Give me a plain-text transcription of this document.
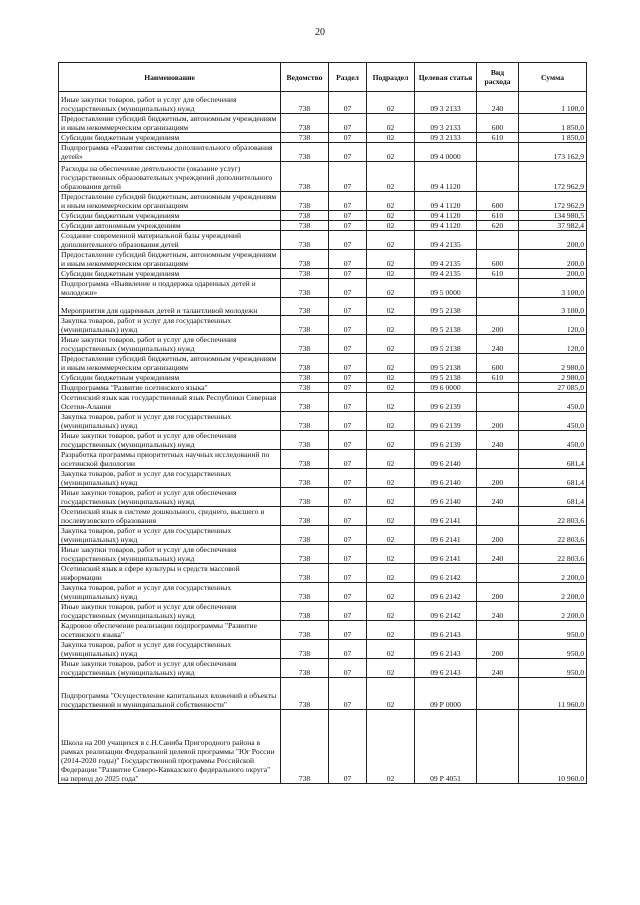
20
Наименование	Ведомство	Раздел	Подраздел	Целевая статья	Вид расхода	Сумма
Иные закупки товаров, работ и услуг для обеспечения государственных (муниципальных) нужд	738	07	02	09 3 2133	240	1 100,0
Предоставление субсидий бюджетным, автономным учреждениям и иным некоммерческим организациям	738	07	02	09 3 2133	600	1 850,0
Субсидии бюджетным учреждениям	738	07	02	09 3 2133	610	1 850,0
Подпрограмма «Развитие системы дополнительного образования детей»	738	07	02	09 4 0000		173 162,9
Расходы на обеспечение деятельности (оказание услуг) государственных образовательных учреждений дополнительного образования детей	738	07	02	09 4 1120		172 962,9
Предоставление субсидий бюджетным, автономным учреждениям и иным некоммерческим организациям	738	07	02	09 4 1120	600	172 962,9
Субсидии бюджетным учреждениям	738	07	02	09 4 1120	610	134 980,5
Субсидии автономным учреждениям	738	07	02	09 4 1120	620	37 982,4
Создание современной материальной базы учреждений дополнительного образования детей	738	07	02	09 4 2135		200,0
Предоставление субсидий бюджетным, автономным учреждениям и иным некоммерческим организациям	738	07	02	09 4 2135	600	200,0
Субсидии бюджетным учреждениям	738	07	02	09 4 2135	610	200,0
Подпрограмма «Выявление и поддержка одаренных детей и молодежи»	738	07	02	09 5 0000		3 100,0
Мероприятия для одаренных детей и талантливой молодежи	738	07	02	09 5 2138		3 100,0
Закупка товаров, работ и услуг для государственных (муниципальных) нужд	738	07	02	09 5 2138	200	120,0
Иные закупки товаров, работ и услуг для обеспечения государственных (муниципальных) нужд	738	07	02	09 5 2138	240	120,0
Предоставление субсидий бюджетным, автономным учреждениям и иным некоммерческим организациям	738	07	02	09 5 2138	600	2 980,0
Субсидии бюджетным учреждениям	738	07	02	09 5 2138	610	2 980,0
Подпрограмма "Развитие осетинского языка"	738	07	02	09 6 0000		27 085,0
Осетинский язык как государственный язык Республики Северная Осетия-Алания	738	07	02	09 6 2139		450,0
Закупка товаров, работ и услуг для государственных (муниципальных) нужд	738	07	02	09 6 2139	200	450,0
Иные закупки товаров, работ и услуг для обеспечения государственных (муниципальных) нужд	738	07	02	09 6 2139	240	450,0
Разработка программы приоритетных научных исследований по осетинской филологии	738	07	02	09 6 2140		681,4
Закупка товаров, работ и услуг для государственных (муниципальных) нужд	738	07	02	09 6 2140	200	681,4
Иные закупки товаров, работ и услуг для обеспечения государственных (муниципальных) нужд	738	07	02	09 6 2140	240	681,4
Осетинский язык в системе дошкольного, среднего, высшего и послевузовского образования	738	07	02	09 6 2141		22 803,6
Закупка товаров, работ и услуг для государственных (муниципальных) нужд	738	07	02	09 6 2141	200	22 803,6
Иные закупки товаров, работ и услуг для обеспечения государственных (муниципальных) нужд	738	07	02	09 6 2141	240	22 803,6
Осетинский язык в сфере культуры и средств массовой информации	738	07	02	09 6 2142		2 200,0
Закупка товаров, работ и услуг для государственных (муниципальных) нужд	738	07	02	09 6 2142	200	2 200,0
Иные закупки товаров, работ и услуг для обеспечения государственных (муниципальных) нужд	738	07	02	09 6 2142	240	2 200,0
Кадровое обеспечение реализации подпрограммы "Развитие осетинского языка"	738	07	02	09 6 2143		950,0
Закупка товаров, работ и услуг для государственных (муниципальных) нужд	738	07	02	09 6 2143	200	950,0
Иные закупки товаров, работ и услуг для обеспечения государственных (муниципальных) нужд	738	07	02	09 6 2143	240	950,0
Подпрограмма "Осуществление капитальных вложений в объекты государственной и муниципальной собственности"	738	07	02	09 Р 0000		11 960,0
Школа на 200 учащихся в с.Н.Саниба Пригородного района в рамках реализации Федеральной целевой программы "Юг России (2014-2020 годы)" Государственной программы Российской Федерации "Развитие Северо-Кавказского федерального округа" на период до 2025 года"	738	07	02	09 Р 4051		10 960,0
